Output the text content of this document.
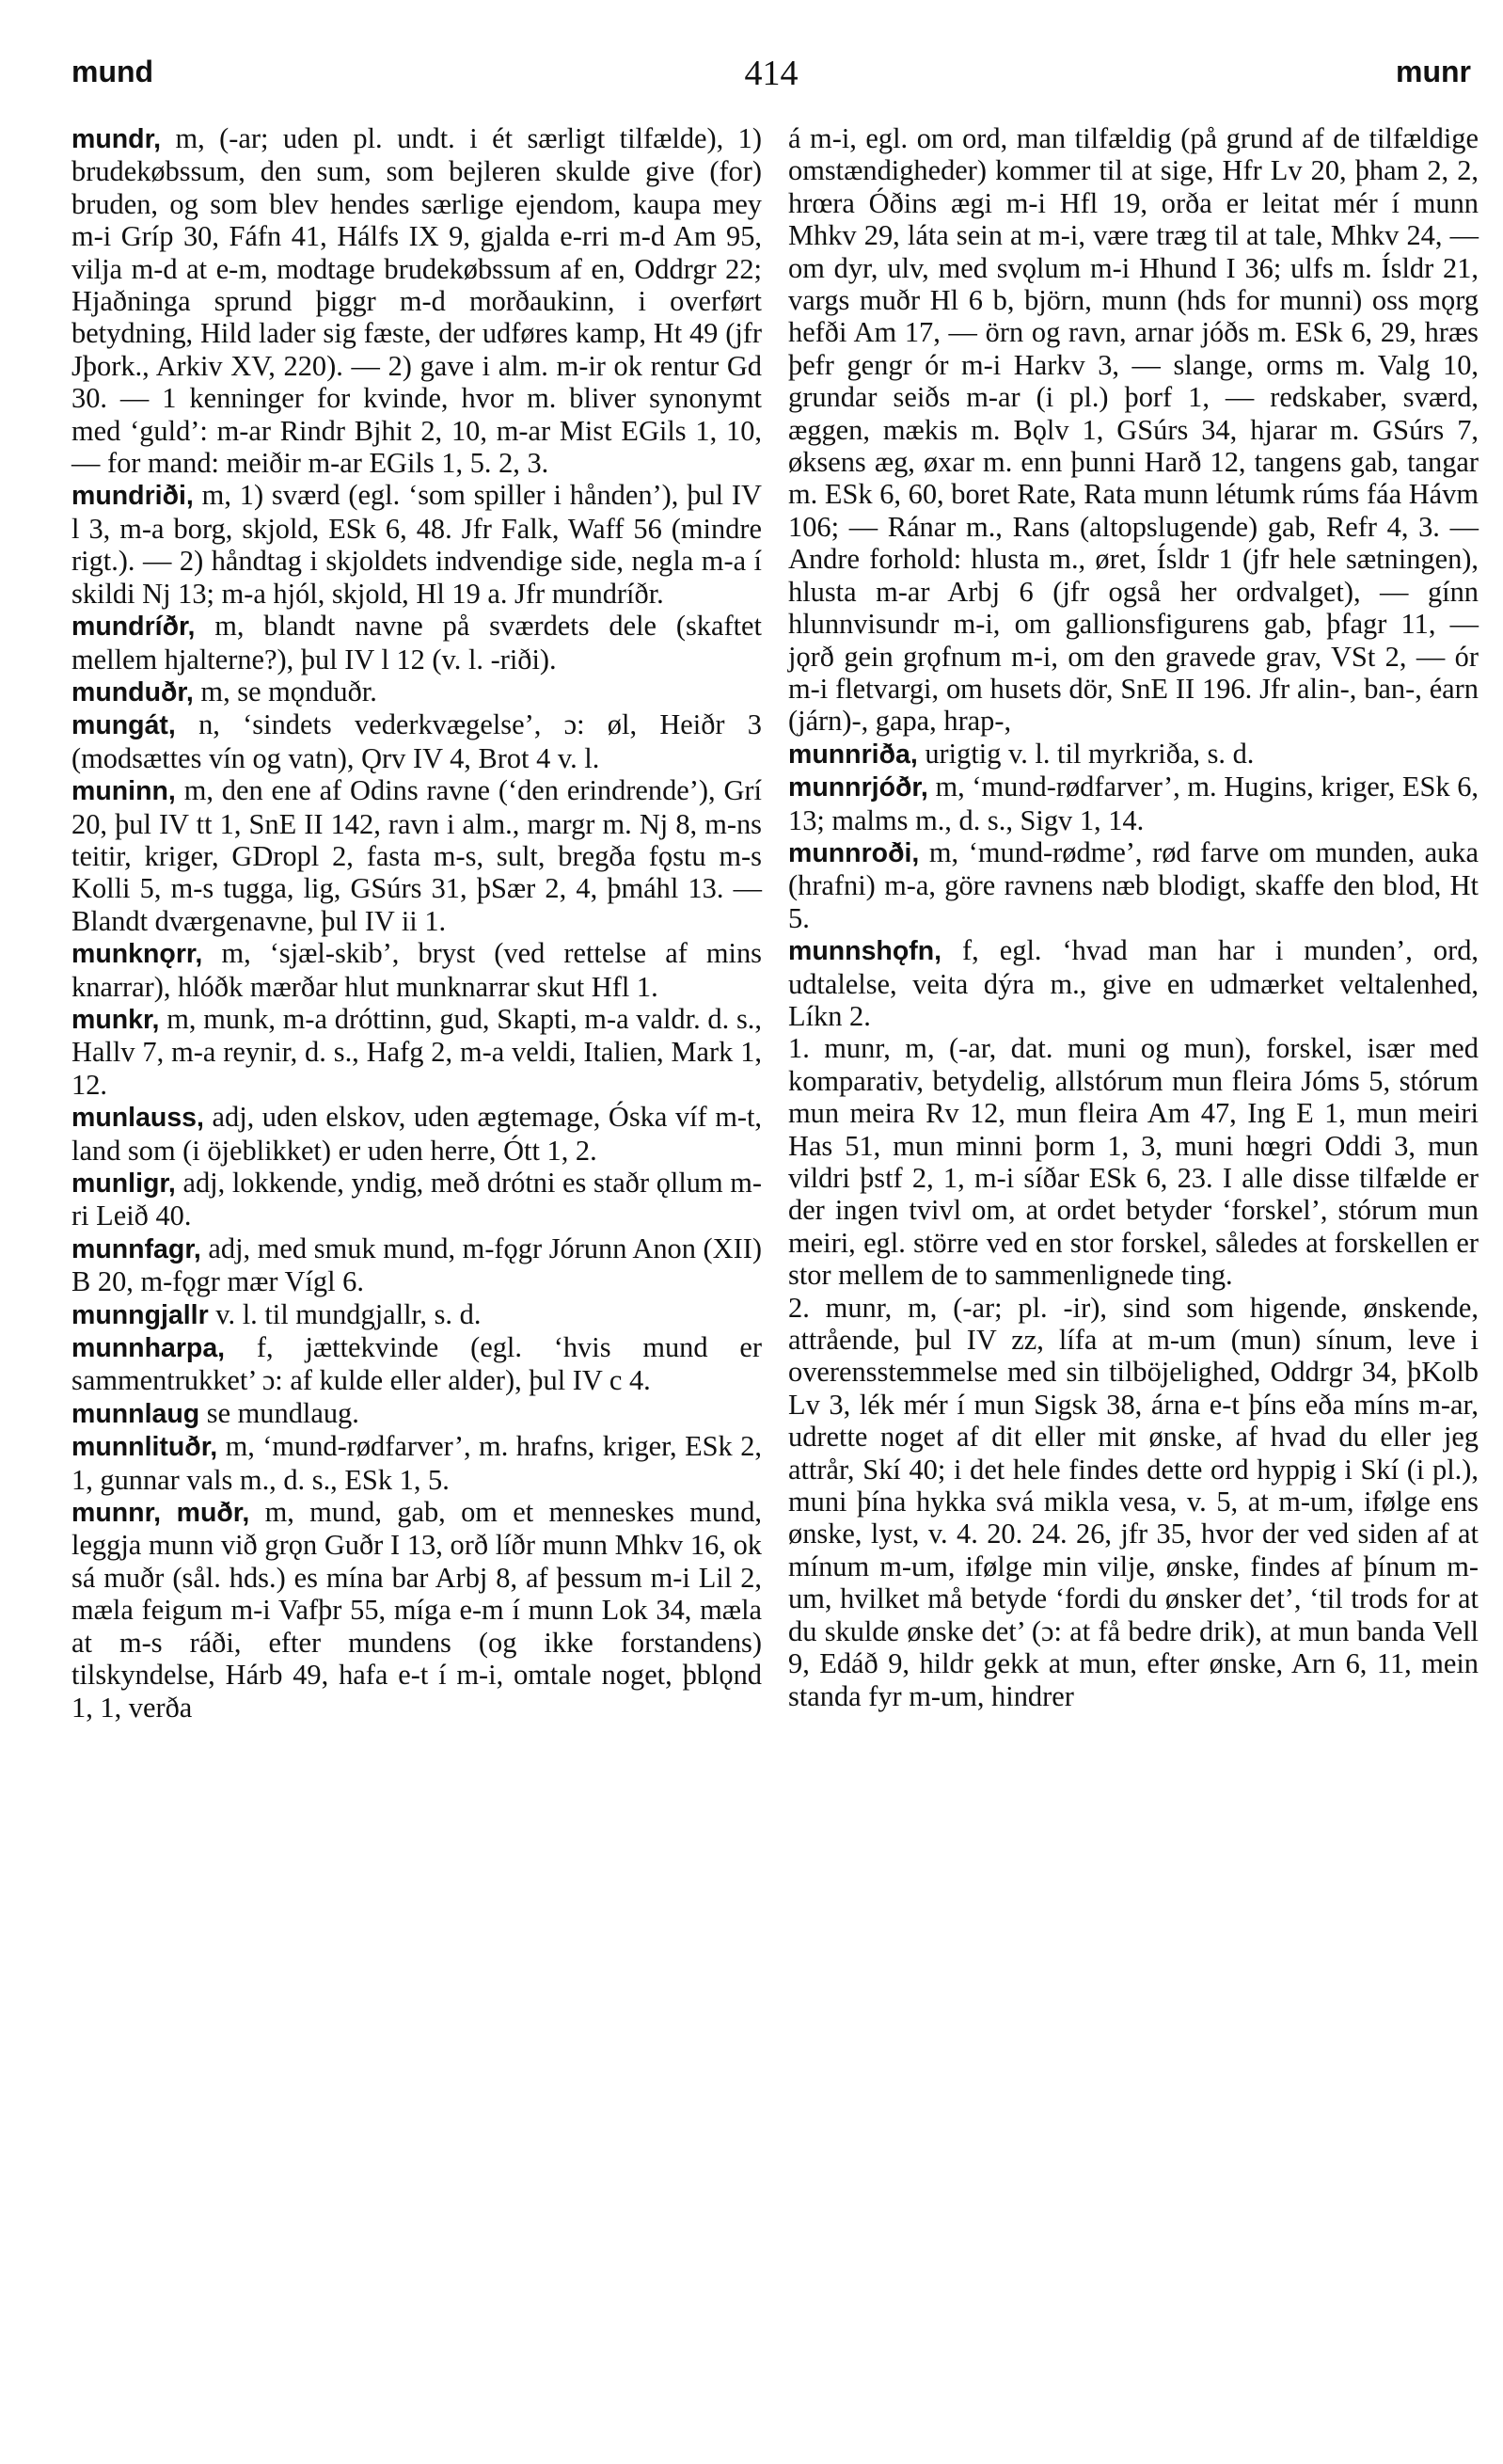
mund	414	munr

mundr, m, (-ar; uden pl. undt. i ét særligt tilfælde), 1) brudekøbssum, den sum, som bejleren skulde give (for) bruden, og som blev hendes særlige ejendom, kaupa mey m-i Gríp 30, Fáfn 41, Hálfs IX 9, gjalda e-rri m-d Am 95, vilja m-d at e-m, modtage brudekøbssum af en, Oddrgr 22; Hjaðninga sprund þiggr m-d morðaukinn, i overført betydning, Hild lader sig fæste, der udføres kamp, Ht 49 (jfr Jþork., Arkiv XV, 220). — 2) gave i alm. m-ir ok rentur Gd 30. — 1 kenninger for kvinde, hvor m. bliver synonymt med ‘guld’: m-ar Rindr Bjhit 2, 10, m-ar Mist EGils 1, 10, — for mand: meiðir m-ar EGils 1, 5. 2, 3.

mundriði, m, 1) sværd (egl. ‘som spiller i hånden’), þul IV l 3, m-a borg, skjold, ESk 6, 48. Jfr Falk, Waff 56 (mindre rigt.). — 2) håndtag i skjoldets indvendige side, negla m-a í skildi Nj 13; m-a hjól, skjold, Hl 19 a. Jfr mundríðr.

mundríðr, m, blandt navne på sværdets dele (skaftet mellem hjalterne?), þul IV l 12 (v. l. -riði).

munduðr, m, se mǫnduðr.

mungát, n, ‘sindets vederkvægelse’, ɔ: øl, Heiðr 3 (modsættes vín og vatn), Ǫrv IV 4, Brot 4 v. l.

muninn, m, den ene af Odins ravne (‘den erindrende’), Grí 20, þul IV tt 1, SnE II 142, ravn i alm., margr m. Nj 8, m-ns teitir, kriger, GDropl 2, fasta m-s, sult, bregða fǫstu m-s Kolli 5, m-s tugga, lig, GSúrs 31, þSær 2, 4, þmáhl 13. — Blandt dværgenavne, þul IV ii 1.

munknǫrr, m, ‘sjæl-skib’, bryst (ved rettelse af mins knarrar), hlóðk mærðar hlut munknarrar skut Hfl 1.

munkr, m, munk, m-a dróttinn, gud, Skapti, m-a valdr. d. s., Hallv 7, m-a reynir, d. s., Hafg 2, m-a veldi, Italien, Mark 1, 12.

munlauss, adj, uden elskov, uden ægtemage, Óska víf m-t, land som (i öjeblikket) er uden herre, Ótt 1, 2.

munligr, adj, lokkende, yndig, með drótni es staðr ǫllum m-ri Leið 40.

munnfagr, adj, med smuk mund, m-fǫgr Jórunn Anon (XII) B 20, m-fǫgr mær Vígl 6.

munngjallr v. l. til mundgjallr, s. d.

munnharpa, f, jættekvinde (egl. ‘hvis mund er sammentrukket’ ɔ: af kulde eller alder), þul IV c 4.

munnlaug se mundlaug.

munnlituðr, m, ‘mund-rødfarver’, m. hrafns, kriger, ESk 2, 1, gunnar vals m., d. s., ESk 1, 5.

munnr, muðr, m, mund, gab, om et menneskes mund, leggja munn við grǫn Guðr I 13, orð líðr munn Mhkv 16, ok sá muðr (sål. hds.) es mína bar Arbj 8, af þessum m-i Lil 2, mæla feigum m-i Vafþr 55, míga e-m í munn Lok 34, mæla at m-s ráði, efter mundens (og ikke forstandens) tilskyndelse, Hárb 49, hafa e-t í m-i, omtale noget, þblǫnd 1, 1, verða

á m-i, egl. om ord, man tilfældig (på grund af de tilfældige omstændigheder) kommer til at sige, Hfr Lv 20, þham 2, 2, hrœra Óðins ægi m-i Hfl 19, orða er leitat mér í munn Mhkv 29, láta sein at m-i, være træg til at tale, Mhkv 24, — om dyr, ulv, med svǫlum m-i Hhund I 36; ulfs m. Ísldr 21, vargs muðr Hl 6 b, björn, munn (hds for munni) oss mǫrg hefði Am 17, — örn og ravn, arnar jóðs m. ESk 6, 29, hræs þefr gengr ór m-i Harkv 3, — slange, orms m. Valg 10, grundar seiðs m-ar (i pl.) þorf 1, — redskaber, sværd, æggen, mækis m. Bǫlv 1, GSúrs 34, hjarar m. GSúrs 7, øksens æg, øxar m. enn þunni Harð 12, tangens gab, tangar m. ESk 6, 60, boret Rate, Rata munn létumk rúms fáa Hávm 106; — Ránar m., Rans (altopslugende) gab, Refr 4, 3. — Andre forhold: hlusta m., øret, Ísldr 1 (jfr hele sætningen), hlusta m-ar Arbj 6 (jfr også her ordvalget), — gínn hlunnvisundr m-i, om gallionsfigurens gab, þfagr 11, — jǫrð gein grǫfnum m-i, om den gravede grav, VSt 2, — ór m-i fletvargi, om husets dör, SnE II 196. Jfr alin-, ban-, éarn (járn)-, gapa, hrap-,

munnriða, urigtig v. l. til myrkriða, s. d.

munnrjóðr, m, ‘mund-rødfarver’, m. Hugins, kriger, ESk 6, 13; malms m., d. s., Sigv 1, 14.

munnroði, m, ‘mund-rødme’, rød farve om munden, auka (hrafni) m-a, göre ravnens næb blodigt, skaffe den blod, Ht 5.

munnshǫfn, f, egl. ‘hvad man har i munden’, ord, udtalelse, veita dýra m., give en udmærket veltalenhed, Líkn 2.

1. munr, m, (-ar, dat. muni og mun), forskel, især med komparativ, betydelig, allstórum mun fleira Jóms 5, stórum mun meira Rv 12, mun fleira Am 47, Ing E 1, mun meiri Has 51, mun minni þorm 1, 3, muni hœgri Oddi 3, mun vildri þstf 2, 1, m-i síðar ESk 6, 23. I alle disse tilfælde er der ingen tvivl om, at ordet betyder ‘forskel’, stórum mun meiri, egl. större ved en stor forskel, således at forskellen er stor mellem de to sammenlignede ting.

2. munr, m, (-ar; pl. -ir), sind som higende, ønskende, attrående, þul IV zz, lífa at m-um (mun) sínum, leve i overensstemmelse med sin tilböjelighed, Oddrgr 34, þKolb Lv 3, lék mér í mun Sigsk 38, árna e-t þíns eða míns m-ar, udrette noget af dit eller mit ønske, af hvad du eller jeg attrår, Skí 40; i det hele findes dette ord hyppig i Skí (i pl.), muni þína hykka svá mikla vesa, v. 5, at m-um, ifølge ens ønske, lyst, v. 4. 20. 24. 26, jfr 35, hvor der ved siden af at mínum m-um, ifølge min vilje, ønske, findes af þínum m-um, hvilket må betyde ‘fordi du ønsker det’, ‘til trods for at du skulde ønske det’ (ɔ: at få bedre drik), at mun banda Vell 9, Edáð 9, hildr gekk at mun, efter ønske, Arn 6, 11, mein standa fyr m-um, hindrer
